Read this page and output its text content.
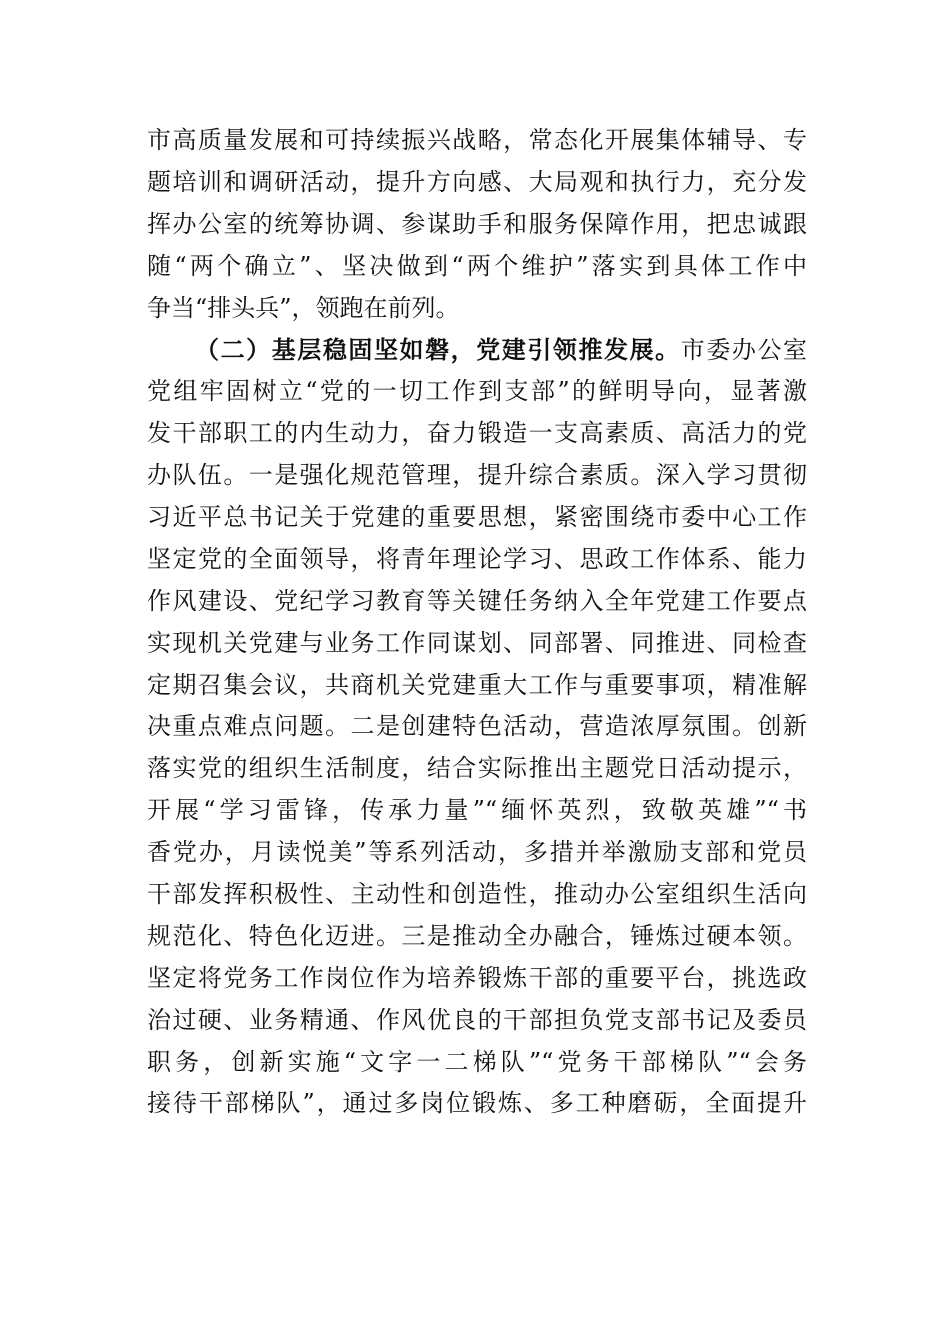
市高质量发展和可持续振兴战略，常态化开展集体辅导、专
题培训和调研活动，提升方向感、大局观和执行力，充分发
挥办公室的统筹协调、参谋助手和服务保障作用，把忠诚跟
随“两个确立”、坚决做到“两个维护”落实到具体工作中
争当“排头兵”，领跑在前列。
（二）基层稳固坚如磐，党建引领推发展。市委办公室
党组牢固树立“党的一切工作到支部”的鲜明导向，显著激
发干部职工的内生动力，奋力锻造一支高素质、高活力的党
办队伍。一是强化规范管理，提升综合素质。深入学习贯彻
习近平总书记关于党建的重要思想，紧密围绕市委中心工作
坚定党的全面领导，将青年理论学习、思政工作体系、能力
作风建设、党纪学习教育等关键任务纳入全年党建工作要点
实现机关党建与业务工作同谋划、同部署、同推进、同检查
定期召集会议，共商机关党建重大工作与重要事项，精准解
决重点难点问题。二是创建特色活动，营造浓厚氛围。创新
落实党的组织生活制度，结合实际推出主题党日活动提示，
开展“学习雷锋，传承力量”“缅怀英烈，致敬英雄”“书
香党办，月读悦美”等系列活动，多措并举激励支部和党员
干部发挥积极性、主动性和创造性，推动办公室组织生活向
规范化、特色化迈进。三是推动全办融合，锤炼过硬本领。
坚定将党务工作岗位作为培养锻炼干部的重要平台，挑选政
治过硬、业务精通、作风优良的干部担负党支部书记及委员
职务，创新实施“文字一二梯队”“党务干部梯队”“会务
接待干部梯队”，通过多岗位锻炼、多工种磨砺，全面提升
